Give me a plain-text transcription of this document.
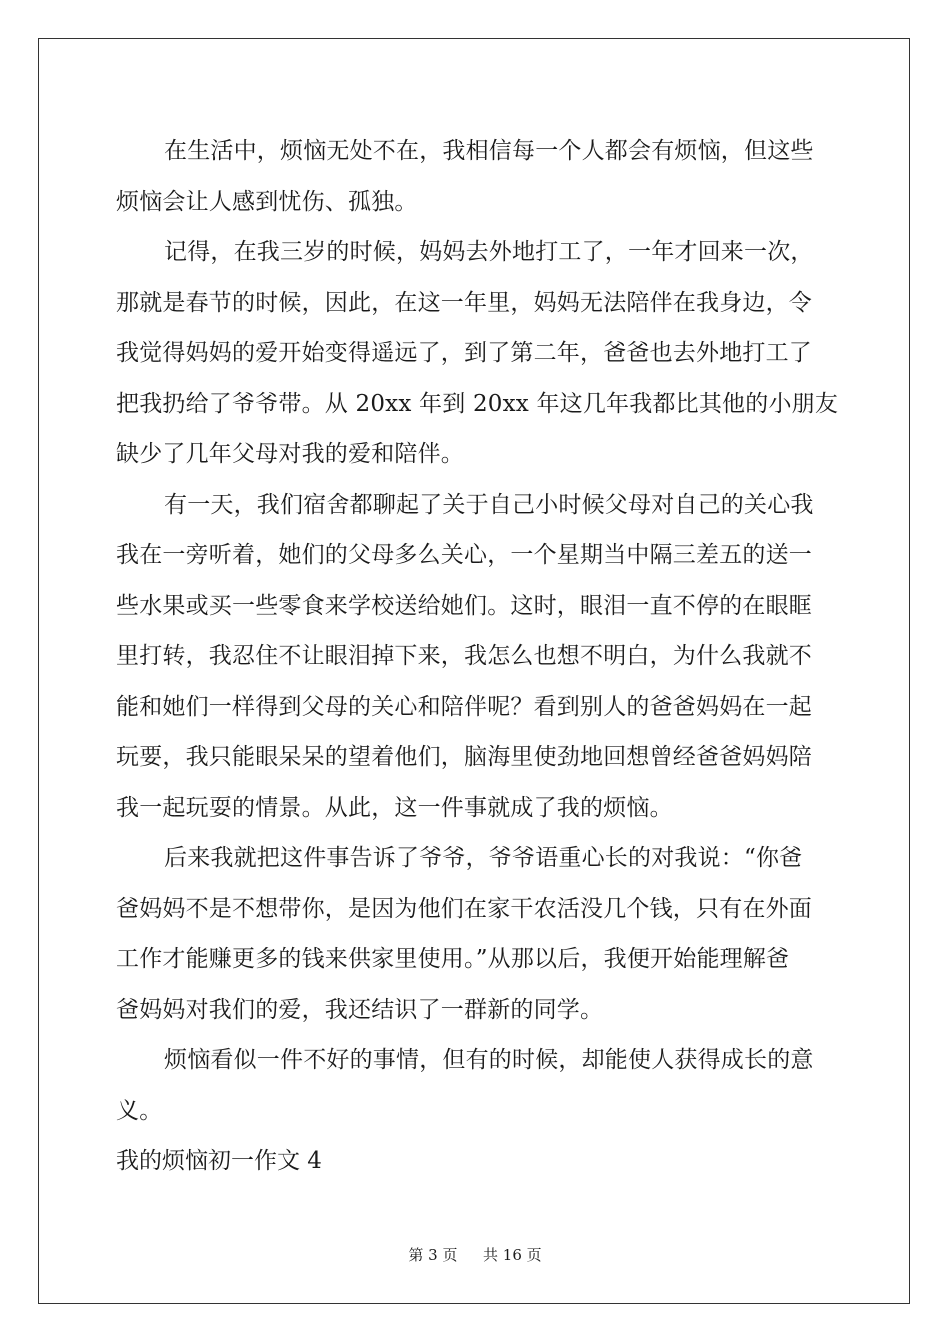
在生活中，烦恼无处不在，我相信每一个人都会有烦恼，但这些
烦恼会让人感到忧伤、孤独。

记得，在我三岁的时候，妈妈去外地打工了，一年才回来一次，
那就是春节的时候，因此，在这一年里，妈妈无法陪伴在我身边，令
我觉得妈妈的爱开始变得遥远了，到了第二年，爸爸也去外地打工了
把我扔给了爷爷带。从 20xx 年到 20xx 年这几年我都比其他的小朋友
缺少了几年父母对我的爱和陪伴。

有一天，我们宿舍都聊起了关于自己小时候父母对自己的关心我
我在一旁听着，她们的父母多么关心，一个星期当中隔三差五的送一
些水果或买一些零食来学校送给她们。这时，眼泪一直不停的在眼眶
里打转，我忍住不让眼泪掉下来，我怎么也想不明白，为什么我就不
能和她们一样得到父母的关心和陪伴呢？看到别人的爸爸妈妈在一起
玩要，我只能眼呆呆的望着他们，脑海里使劲地回想曾经爸爸妈妈陪
我一起玩耍的情景。从此，这一件事就成了我的烦恼。

后来我就把这件事告诉了爷爷，爷爷语重心长的对我说：“你爸
爸妈妈不是不想带你，是因为他们在家干农活没几个钱，只有在外面
工作才能赚更多的钱来供家里使用。”从那以后，我便开始能理解爸
爸妈妈对我们的爱，我还结识了一群新的同学。

烦恼看似一件不好的事情，但有的时候，却能使人获得成长的意
义。

我的烦恼初一作文 4

第 3 页 共 16 页
